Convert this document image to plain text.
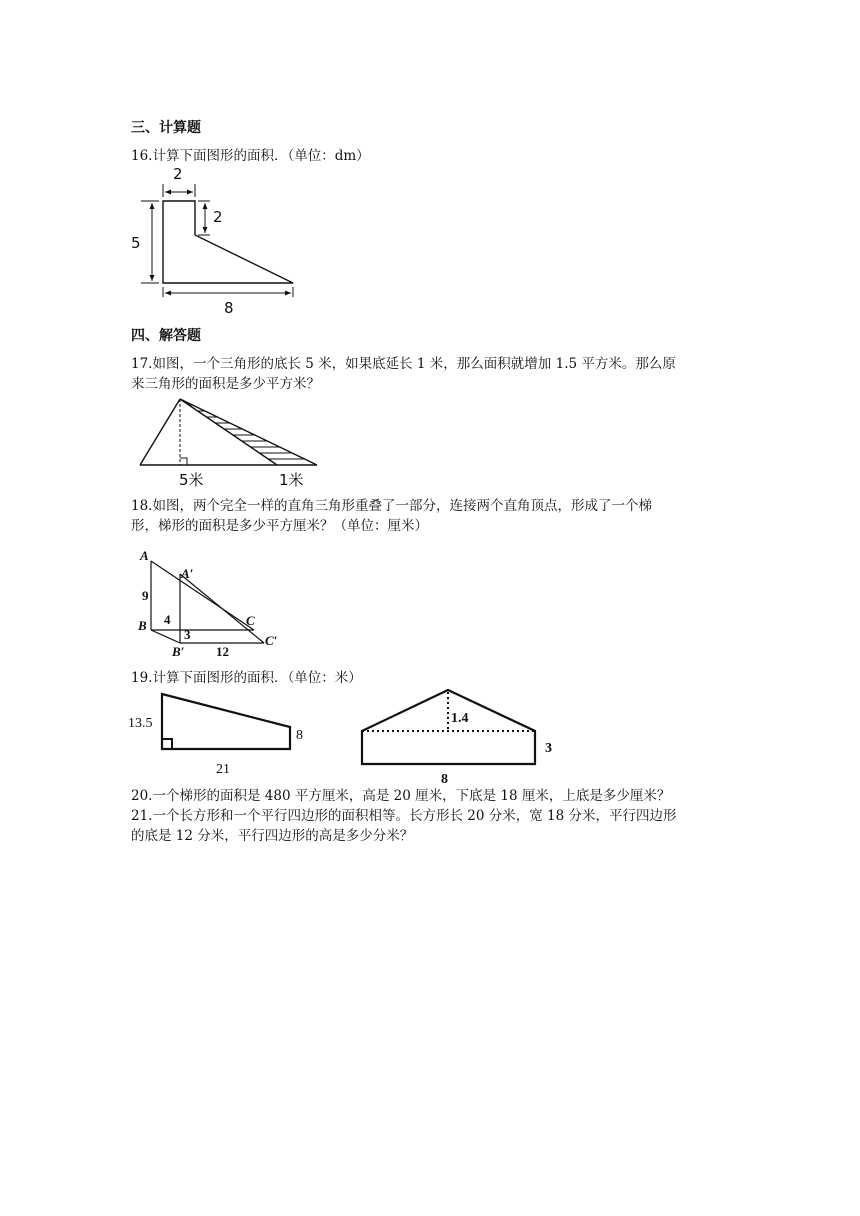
三、计算题
16.计算下面图形的面积．（单位：dm）
2
2
5
8
四、解答题
17.如图，一个三角形的底长 5 米，如果底延长 1 米，那么面积就增加 1.5 平方米。那么原
来三角形的面积是多少平方米？
5米	1米
18.如图，两个完全一样的直角三角形重叠了一部分，连接两个直角顶点，形成了一个梯
形，梯形的面积是多少平方厘米？（单位：厘米）
A
A′
B
B′
C
C′
9
4
3
12
19.计算下面图形的面积．（单位：米）
13.5
8
21
1.4
3
8
20.一个梯形的面积是 480 平方厘米，高是 20 厘米，下底是 18 厘米，上底是多少厘米？
21.一个长方形和一个平行四边形的面积相等。长方形长 20 分米，宽 18 分米，平行四边形
的底是 12 分米，平行四边形的高是多少分米？
